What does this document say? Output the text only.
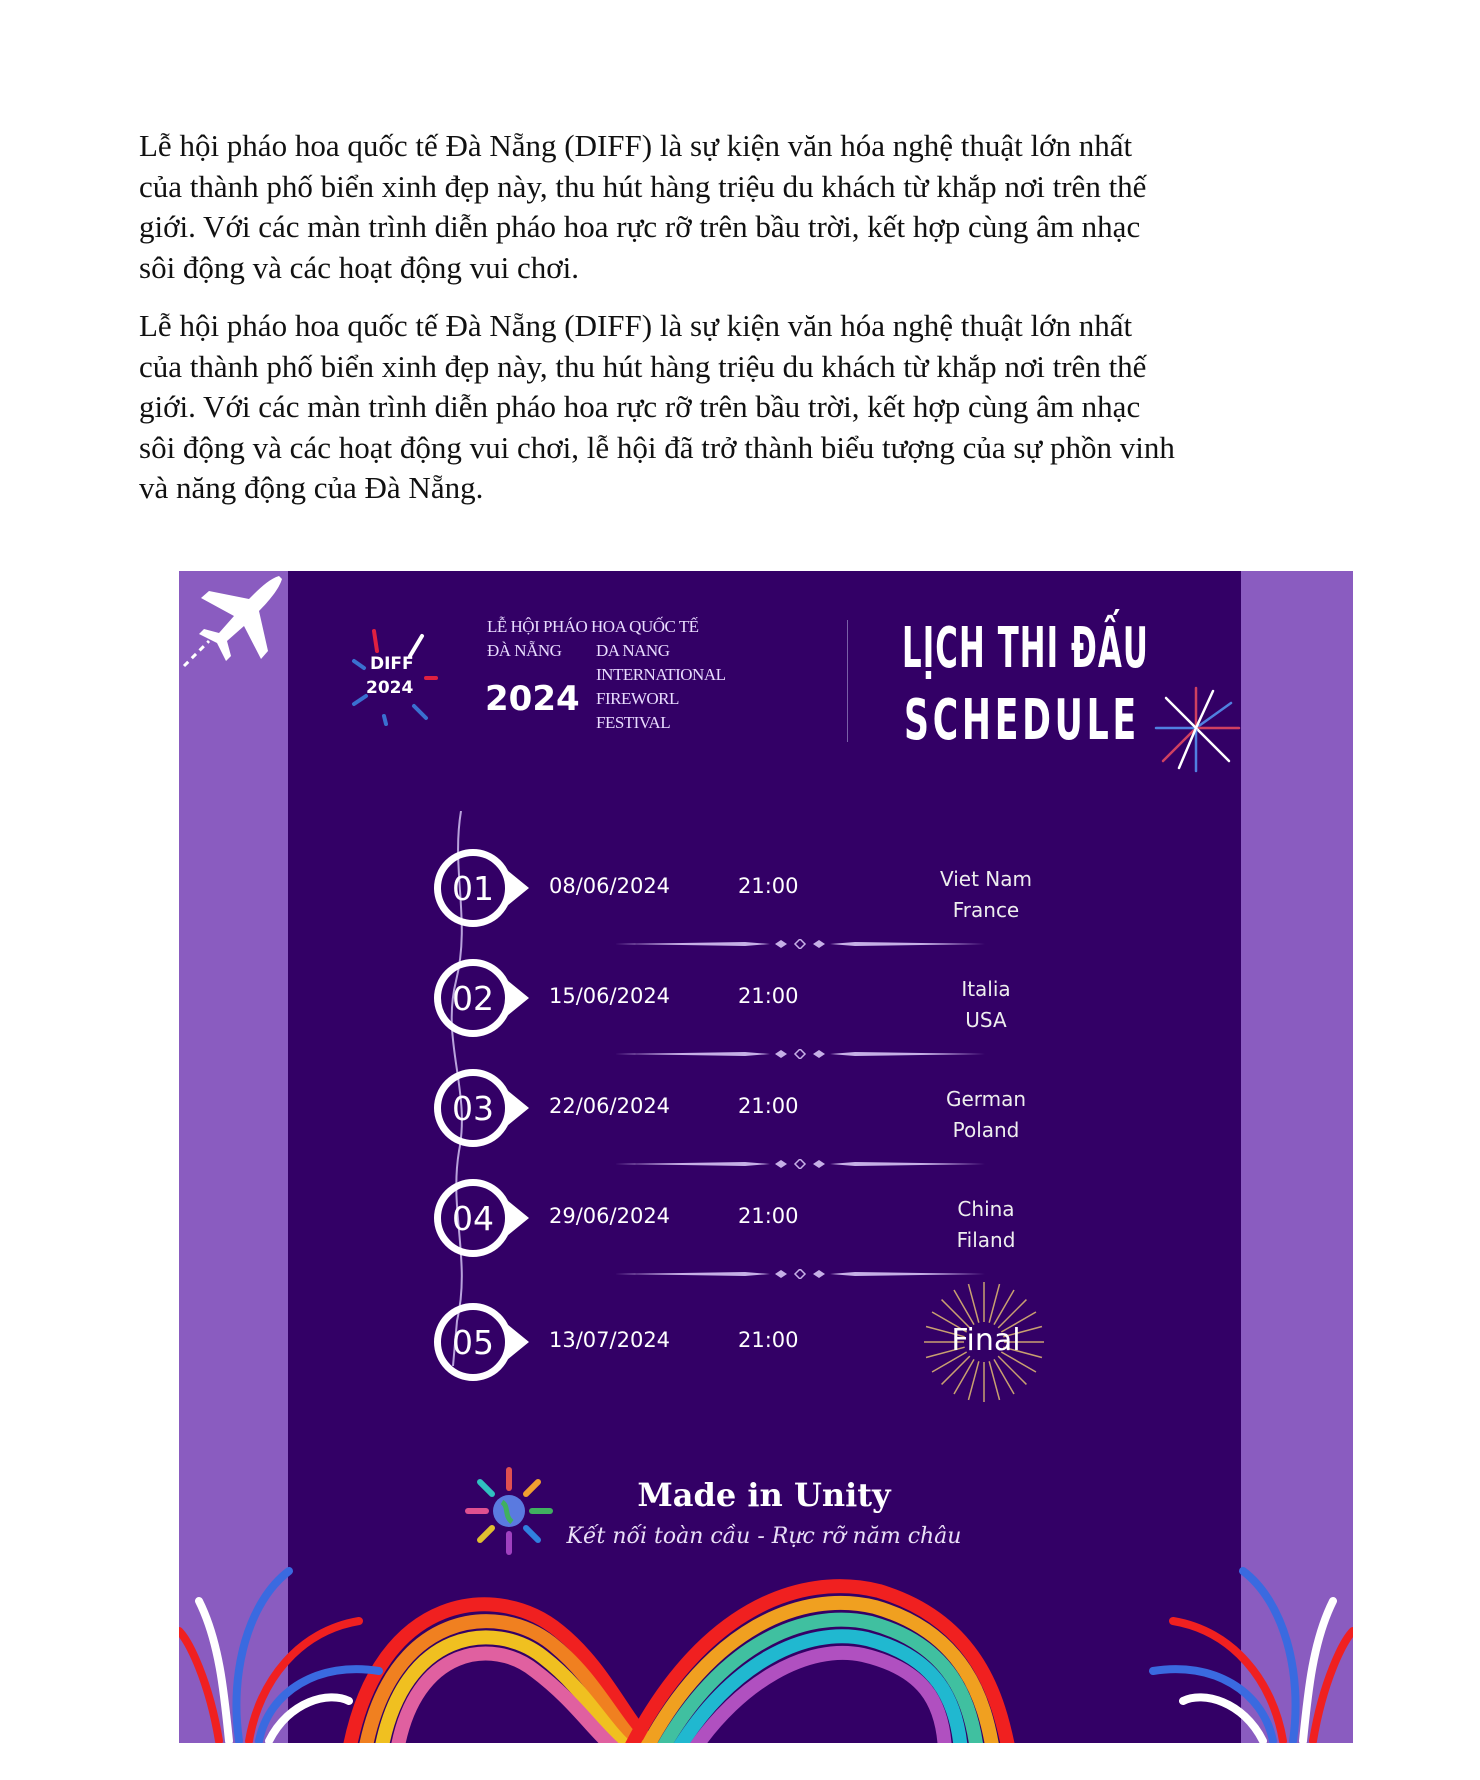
Lễ hội pháo hoa quốc tế Đà Nẵng (DIFF) là sự kiện văn hóa nghệ thuật lớn nhất
của thành phố biển xinh đẹp này, thu hút hàng triệu du khách từ khắp nơi trên thế
giới. Với các màn trình diễn pháo hoa rực rỡ trên bầu trời, kết hợp cùng âm nhạc
sôi động và các hoạt động vui chơi.
Lễ hội pháo hoa quốc tế Đà Nẵng (DIFF) là sự kiện văn hóa nghệ thuật lớn nhất
của thành phố biển xinh đẹp này, thu hút hàng triệu du khách từ khắp nơi trên thế
giới. Với các màn trình diễn pháo hoa rực rỡ trên bầu trời, kết hợp cùng âm nhạc
sôi động và các hoạt động vui chơi, lễ hội đã trở thành biểu tượng của sự phồn vinh
và năng động của Đà Nẵng.
DIFF
2024
LỄ HỘI PHÁO HOA QUỐC TẾ
ĐÀ NẴNG
2024
DA NANG
INTERNATIONAL
FIREWORL
FESTIVAL
LỊCH THI ĐẤU
SCHEDULE
01	08/06/2024	21:00	Viet Nam
France
02	15/06/2024	21:00	Italia
USA
03	22/06/2024	21:00	German
Poland
04	29/06/2024	21:00	China
Filand
05	13/07/2024	21:00	Final
Made in Unity
Kết nối toàn cầu - Rực rỡ năm châu
